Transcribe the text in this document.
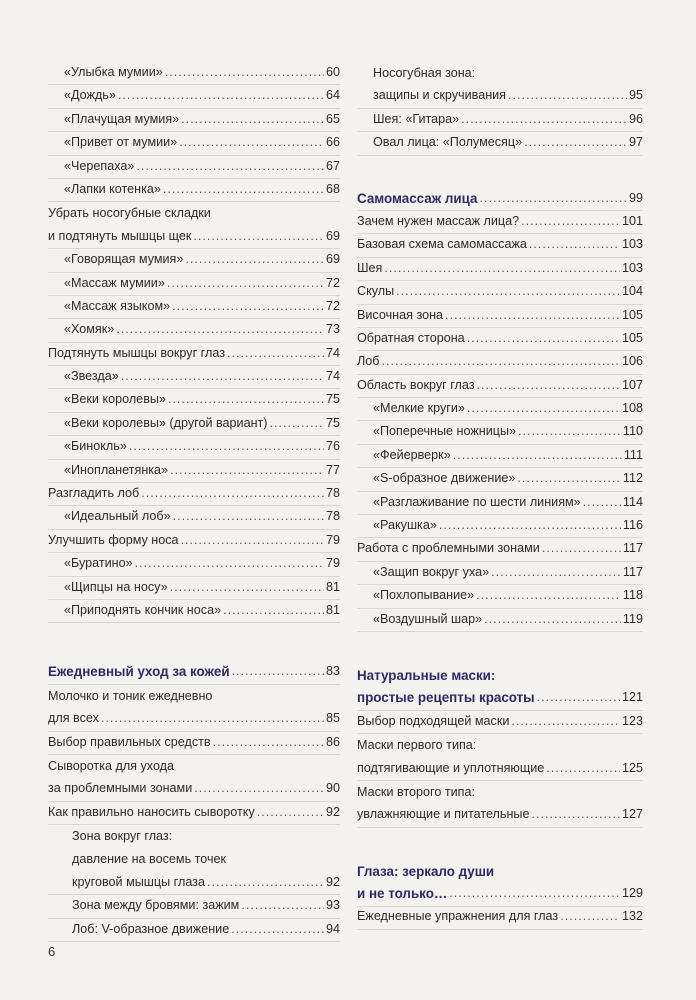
«Улыбка мумии» .....	60
«Дождь» .....	64
«Плачущая мумия» .....	65
«Привет от мумии» .....	66
«Черепаха» .....	67
«Лапки котенка» .....	68
Убрать носогубные складки
и подтянуть мышцы щек .....	69
«Говорящая мумия» .....	69
«Массаж мумии» .....	72
«Массаж языком» .....	72
«Хомяк» .....	73
Подтянуть мышцы вокруг глаз .....	74
«Звезда» .....	74
«Веки королевы» .....	75
«Веки королевы» (другой вариант) .....	75
«Бинокль» .....	76
«Инопланетянка» .....	77
Разгладить лоб .....	78
«Идеальный лоб» .....	78
Улучшить форму носа .....	79
«Буратино» .....	79
«Щипцы на носу» .....	81
«Приподнять кончик носа» .....	81
Ежедневный уход за кожей .....	83
Молочко и тоник ежедневно
для всех .....	85
Выбор правильных средств .....	86
Сыворотка для ухода
за проблемными зонами .....	90
Как правильно наносить сыворотку .....	92
Зона вокруг глаз:
давление на восемь точек
круговой мышцы глаза .....	92
Зона между бровями: зажим .....	93
Лоб: V-образное движение .....	94
Носогубная зона:
защипы и скручивания .....	95
Шея: «Гитара» .....	96
Овал лица: «Полумесяц» .....	97
Самомассаж лица .....	99
Зачем нужен массаж лица? .....	101
Базовая схема самомассажа .....	103
Шея .....	103
Скулы .....	104
Височная зона .....	105
Обратная сторона .....	105
Лоб .....	106
Область вокруг глаз .....	107
«Мелкие круги» .....	108
«Поперечные ножницы» .....	110
«Фейерверк» .....	111
«S-образное движение» .....	112
«Разглаживание по шести линиям» .....	114
«Ракушка» .....	116
Работа с проблемными зонами .....	117
«Защип вокруг уха» .....	117
«Похлопывание» .....	118
«Воздушный шар» .....	119
Натуральные маски:
простые рецепты красоты .....	121
Выбор подходящей маски .....	123
Маски первого типа:
подтягивающие и уплотняющие .....	125
Маски второго типа:
увлажняющие и питательные .....	127
Глаза: зеркало души
и не только… .....	129
Ежедневные упражнения для глаз .....	132
6
